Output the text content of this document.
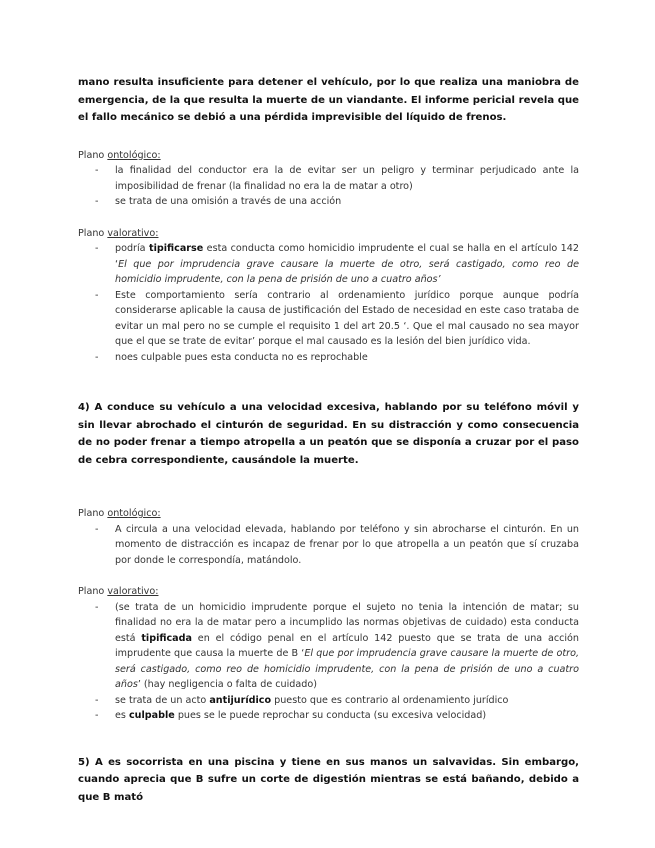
mano resulta insuficiente para detener el vehículo, por lo que realiza una maniobra de emergencia, de la que resulta la muerte de un viandante. El informe pericial revela que el fallo mecánico se debió a una pérdida imprevisible del líquido de frenos.

Plano ontológico:

- la finalidad del conductor era la de evitar ser un peligro y terminar perjudicado ante la imposibilidad de frenar (la finalidad no era la de matar a otro)
- se trata de una omisión a través de una acción

Plano valorativo:

- podría tipificarse esta conducta como homicidio imprudente el cual se halla en el artículo 142 ‘El que por imprudencia grave causare la muerte de otro, será castigado, como reo de homicidio imprudente, con la pena de prisión de uno a cuatro años’
- Este comportamiento sería contrario al ordenamiento jurídico porque aunque podría considerarse aplicable la causa de justificación del Estado de necesidad en este caso trataba de evitar un mal pero no se cumple el requisito 1 del art 20.5 ‘. Que el mal causado no sea mayor que el que se trate de evitar’ porque el mal causado es la lesión del bien jurídico vida.
- noes culpable pues esta conducta no es reprochable

4) A conduce su vehículo a una velocidad excesiva, hablando por su teléfono móvil y sin llevar abrochado el cinturón de seguridad. En su distracción y como consecuencia de no poder frenar a tiempo atropella a un peatón que se disponía a cruzar por el paso de cebra correspondiente, causándole la muerte.

Plano ontológico:

- A circula a una velocidad elevada, hablando por teléfono y sin abrocharse el cinturón. En un momento de distracción es incapaz de frenar por lo que atropella a un peatón que sí cruzaba por donde le correspondía, matándolo.

Plano valorativo:

- (se trata de un homicidio imprudente porque el sujeto no tenia la intención de matar; su finalidad no era la de matar pero a incumplido las normas objetivas de cuidado) esta conducta está tipificada en el código penal en el artículo 142 puesto que se trata de una acción imprudente que causa la muerte de B ‘El que por imprudencia grave causare la muerte de otro, será castigado, como reo de homicidio imprudente, con la pena de prisión de uno a cuatro años’ (hay negligencia o falta de cuidado)
- se trata de un acto antijurídico puesto que es contrario al ordenamiento jurídico
- es culpable pues se le puede reprochar su conducta (su excesiva velocidad)

5) A es socorrista en una piscina y tiene en sus manos un salvavidas. Sin embargo, cuando aprecia que B sufre un corte de digestión mientras se está bañando, debido a que B mató
